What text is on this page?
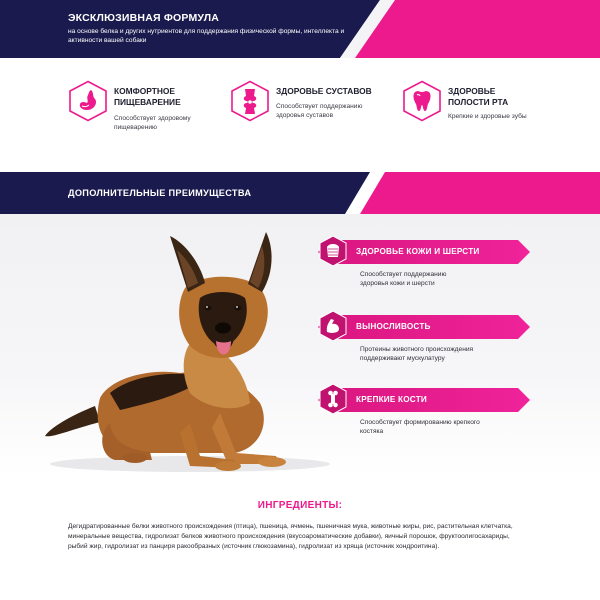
ЭКСКЛЮЗИВНАЯ ФОРМУЛА
на основе белка и других нутриентов для поддержания физической формы, интеллекта и активности вашей собаки
КОМФОРТНОЕ
ПИЩЕВАРЕНИЕ
Способствует здоровому
пищеварению
ЗДОРОВЬЕ СУСТАВОВ
Способствует поддержанию
здоровья суставов
ЗДОРОВЬЕ
ПОЛОСТИ РТА
Крепкие и здоровые зубы
ДОПОЛНИТЕЛЬНЫЕ ПРЕИМУЩЕСТВА
ЗДОРОВЬЕ КОЖИ И ШЕРСТИ
Способствует поддержанию
здоровья кожи и шерсти
ВЫНОСЛИВОСТЬ
Протеины животного происхождения
поддерживают мускулатуру
КРЕПКИЕ КОСТИ
Способствует формированию крепкого
костяка
ИНГРЕДИЕНТЫ:
Дегидратированные белки животного происхождения (птица), пшеница, ячмень, пшеничная мука, животные жиры, рис, растительная клетчатка, минеральные вещества, гидролизат белков животного происхождения (вкусоароматические добавки), яичный порошок, фруктоолигосахариды, рыбий жир, гидролизат из панциря ракообразных (источник глюкозамина), гидролизат из хряща (источник хондроитина).
